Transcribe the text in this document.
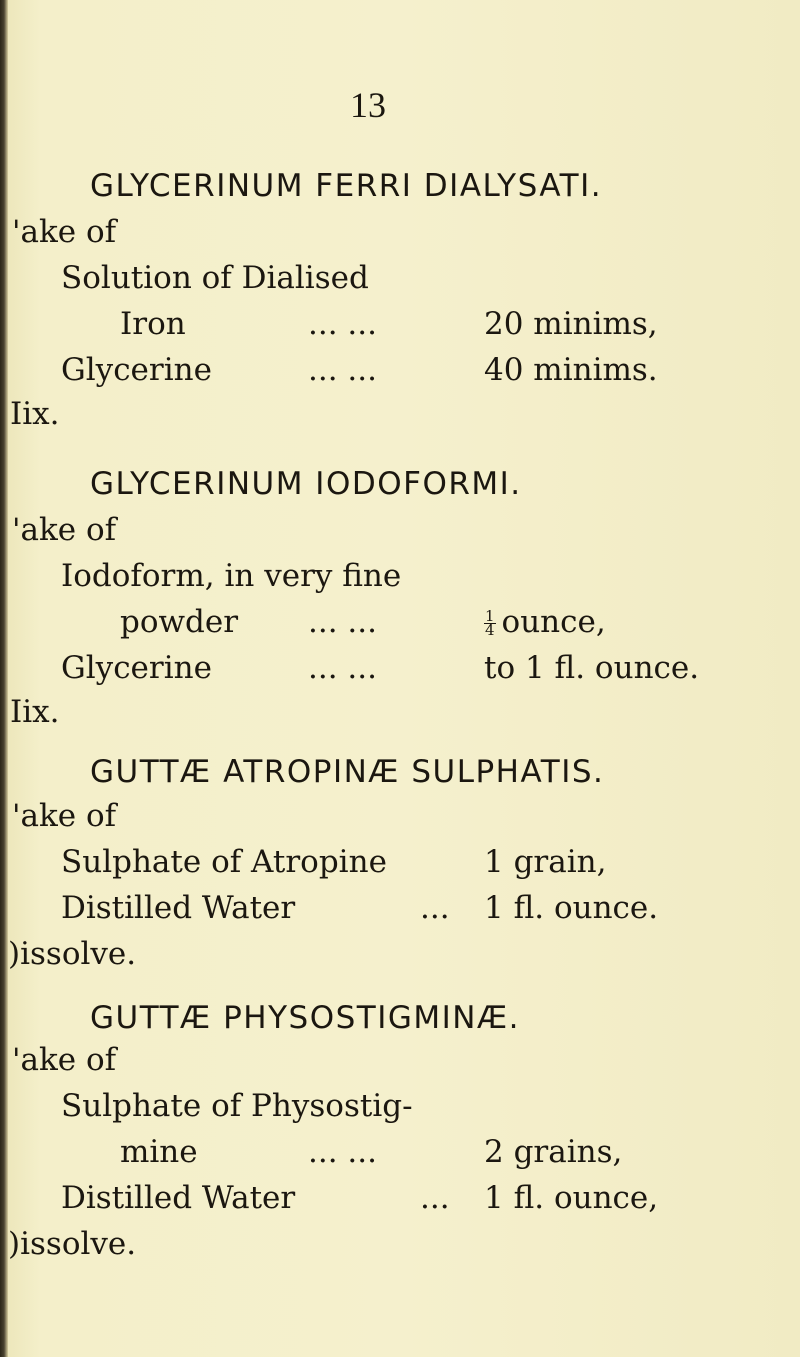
13
GLYCERINUM FERRI DIALYSATI.
'ake of
Solution of Dialised
Iron	... ...	20 minims,
Glycerine	... ...	40 minims.
Iix.
GLYCERINUM IODOFORMI.
'ake of
Iodoform, in very fine
powder ... ...	$\frac{1}{4}$ ounce,
Glycerine	... ...	to 1 fl. ounce.
Iix.
GUTTÆ ATROPINÆ SULPHATIS.
'ake of
Sulphate of Atropine	1 grain,
Distilled Water	... 1 fl. ounce.
)issolve.
GUTTÆ PHYSOSTIGMINÆ.
'ake of
Sulphate of Physostig-
mine	... ...	2 grains,
Distilled Water	... 1 fl. ounce,
)issolve.
